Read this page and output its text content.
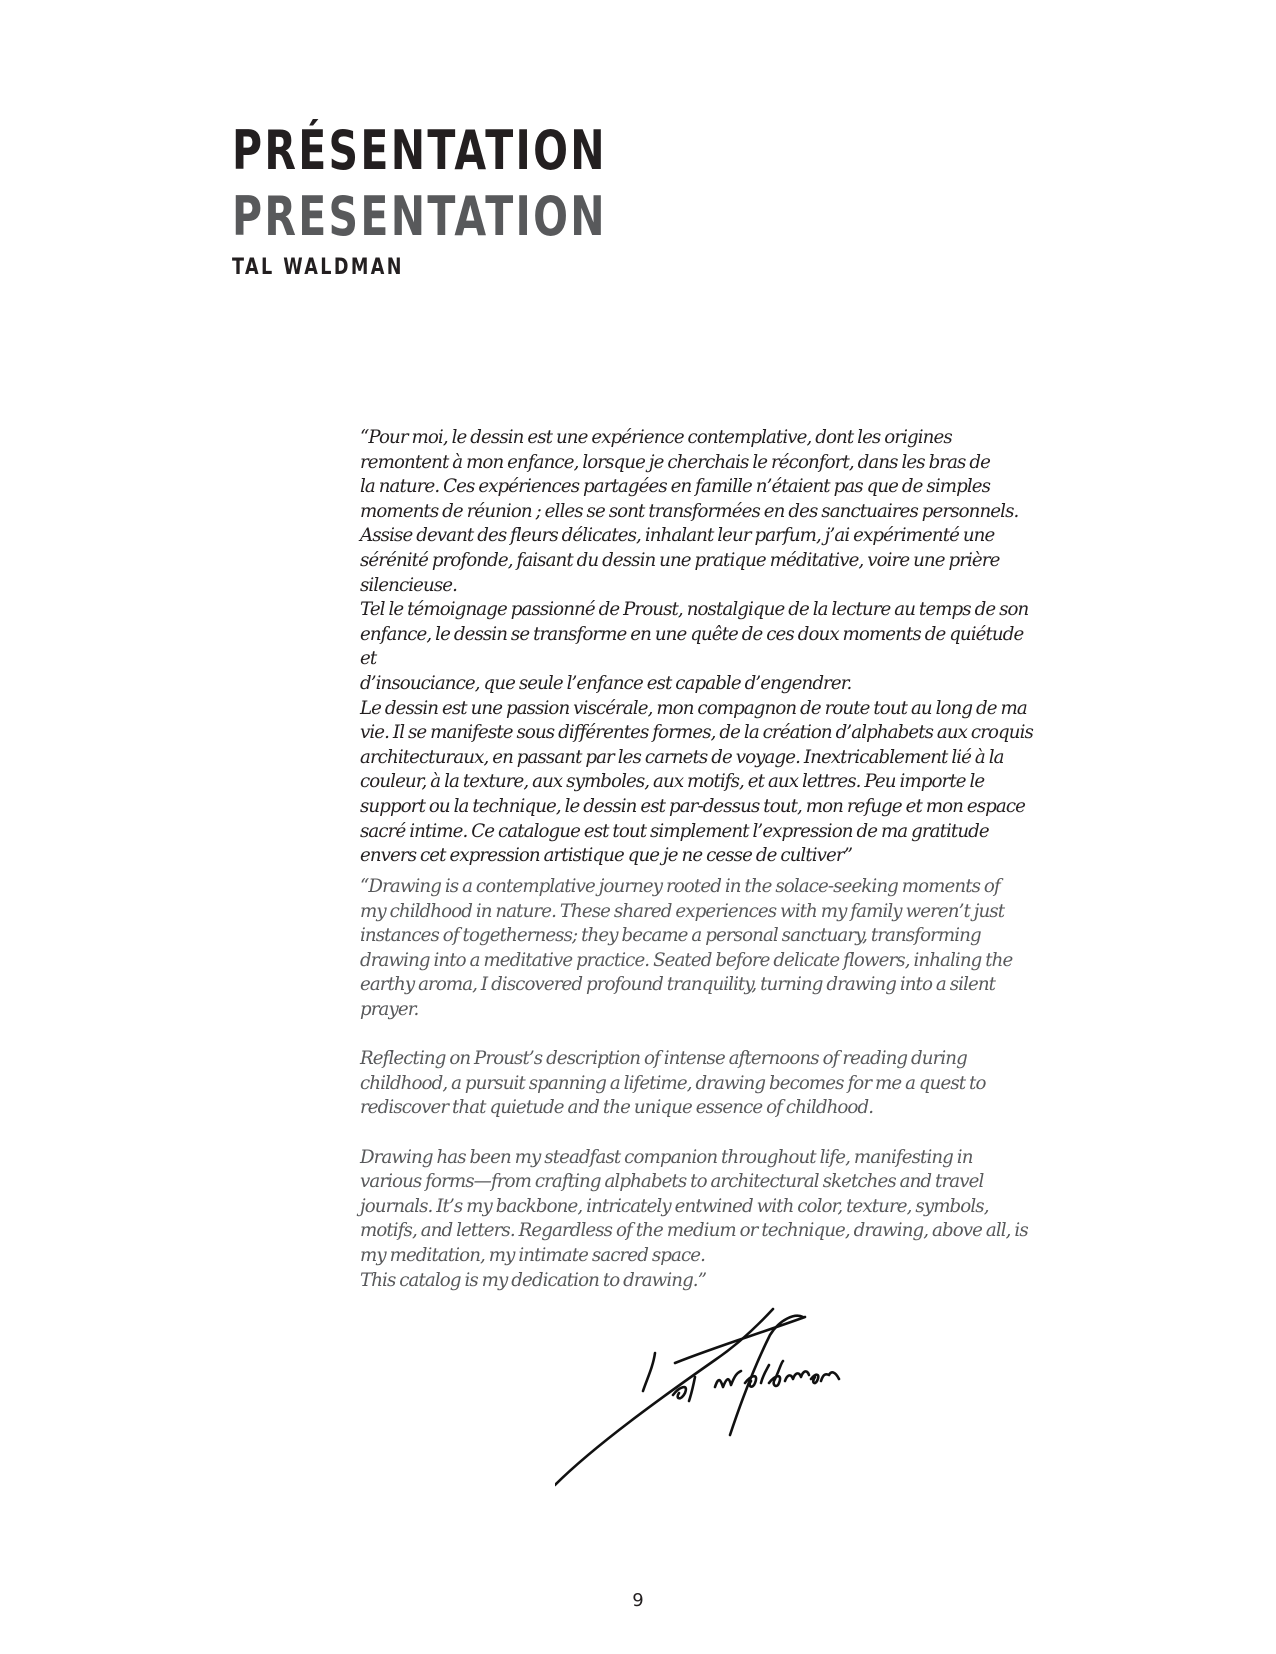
PRÉSENTATION
PRESENTATION
TAL WALDMAN

“Pour moi, le dessin est une expérience contemplative, dont les origines
remontent à mon enfance, lorsque je cherchais le réconfort, dans les bras de
la nature. Ces expériences partagées en famille n’étaient pas que de simples
moments de réunion ; elles se sont transformées en des sanctuaires personnels.
Assise devant des fleurs délicates, inhalant leur parfum, j’ai expérimenté une
sérénité profonde, faisant du dessin une pratique méditative, voire une prière
silencieuse.

Tel le témoignage passionné de Proust, nostalgique de la lecture au temps de son
enfance, le dessin se transforme en une quête de ces doux moments de quiétude et
d’insouciance, que seule l’enfance est capable d’engendrer.

Le dessin est une passion viscérale, mon compagnon de route tout au long de ma
vie. Il se manifeste sous différentes formes, de la création d’alphabets aux croquis
architecturaux, en passant par les carnets de voyage. Inextricablement lié à la
couleur, à la texture, aux symboles, aux motifs, et aux lettres. Peu importe le
support ou la technique, le dessin est par-dessus tout, mon refuge et mon espace
sacré intime. Ce catalogue est tout simplement l’expression de ma gratitude
envers cet expression artistique que je ne cesse de cultiver”

“Drawing is a contemplative journey rooted in the solace-seeking moments of
my childhood in nature. These shared experiences with my family weren’t just
instances of togetherness; they became a personal sanctuary, transforming
drawing into a meditative practice. Seated before delicate flowers, inhaling the
earthy aroma, I discovered profound tranquility, turning drawing into a silent
prayer.

Reflecting on Proust’s description of intense afternoons of reading during
childhood, a pursuit spanning a lifetime, drawing becomes for me a quest to
rediscover that quietude and the unique essence of childhood.

Drawing has been my steadfast companion throughout life, manifesting in
various forms—from crafting alphabets to architectural sketches and travel
journals. It’s my backbone, intricately entwined with color, texture, symbols,
motifs, and letters. Regardless of the medium or technique, drawing, above all, is
my meditation, my intimate sacred space.
This catalog is my dedication to drawing.”

9
